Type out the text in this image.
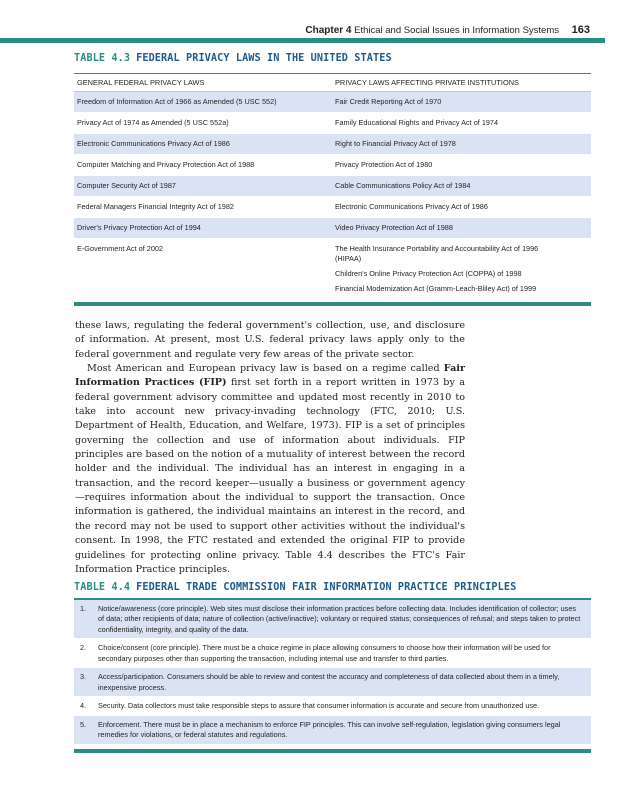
Chapter 4 Ethical and Social Issues in Information Systems 163
TABLE 4.3 FEDERAL PRIVACY LAWS IN THE UNITED STATES
GENERAL FEDERAL PRIVACY LAWS	PRIVACY LAWS AFFECTING PRIVATE INSTITUTIONS
Freedom of Information Act of 1966 as Amended (5 USC 552)	Fair Credit Reporting Act of 1970
Privacy Act of 1974 as Amended (5 USC 552a)	Family Educational Rights and Privacy Act of 1974
Electronic Communications Privacy Act of 1986	Right to Financial Privacy Act of 1978
Computer Matching and Privacy Protection Act of 1988	Privacy Protection Act of 1980
Computer Security Act of 1987	Cable Communications Policy Act of 1984
Federal Managers Financial Integrity Act of 1982	Electronic Communications Privacy Act of 1986
Driver's Privacy Protection Act of 1994	Video Privacy Protection Act of 1988
E-Government Act of 2002	The Health Insurance Portability and Accountability Act of 1996
(HIPAA)
Children's Online Privacy Protection Act (COPPA) of 1998
Financial Modernization Act (Gramm-Leach-Bliley Act) of 1999

these laws, regulating the federal government's collection, use, and disclosure of information. At present, most U.S. federal privacy laws apply only to the federal government and regulate very few areas of the private sector.

Most American and European privacy law is based on a regime called Fair Information Practices (FIP) first set forth in a report written in 1973 by a federal government advisory committee and updated most recently in 2010 to take into account new privacy-invading technology (FTC, 2010; U.S. Department of Health, Education, and Welfare, 1973). FIP is a set of principles governing the collection and use of information about individuals. FIP principles are based on the notion of a mutuality of interest between the record holder and the individual. The individual has an interest in engaging in a transaction, and the record keeper—usually a business or government agency—requires information about the individual to support the transaction. Once information is gathered, the individual maintains an interest in the record, and the record may not be used to support other activities without the individual's consent. In 1998, the FTC restated and extended the original FIP to provide guidelines for protecting online privacy. Table 4.4 describes the FTC's Fair Information Practice principles.

TABLE 4.4 FEDERAL TRADE COMMISSION FAIR INFORMATION PRACTICE PRINCIPLES
1.	Notice/awareness (core principle). Web sites must disclose their information practices before collecting data. Includes identification of collector; uses of data; other recipients of data; nature of collection (active/inactive); voluntary or required status; consequences of refusal; and steps taken to protect confidentiality, integrity, and quality of the data.
2.	Choice/consent (core principle). There must be a choice regime in place allowing consumers to choose how their information will be used for secondary purposes other than supporting the transaction, including internal use and transfer to third parties.
3.	Access/participation. Consumers should be able to review and contest the accuracy and completeness of data collected about them in a timely, inexpensive process.
4.	Security. Data collectors must take responsible steps to assure that consumer information is accurate and secure from unauthorized use.
5.	Enforcement. There must be in place a mechanism to enforce FIP principles. This can involve self-regulation, legislation giving consumers legal remedies for violations, or federal statutes and regulations.
